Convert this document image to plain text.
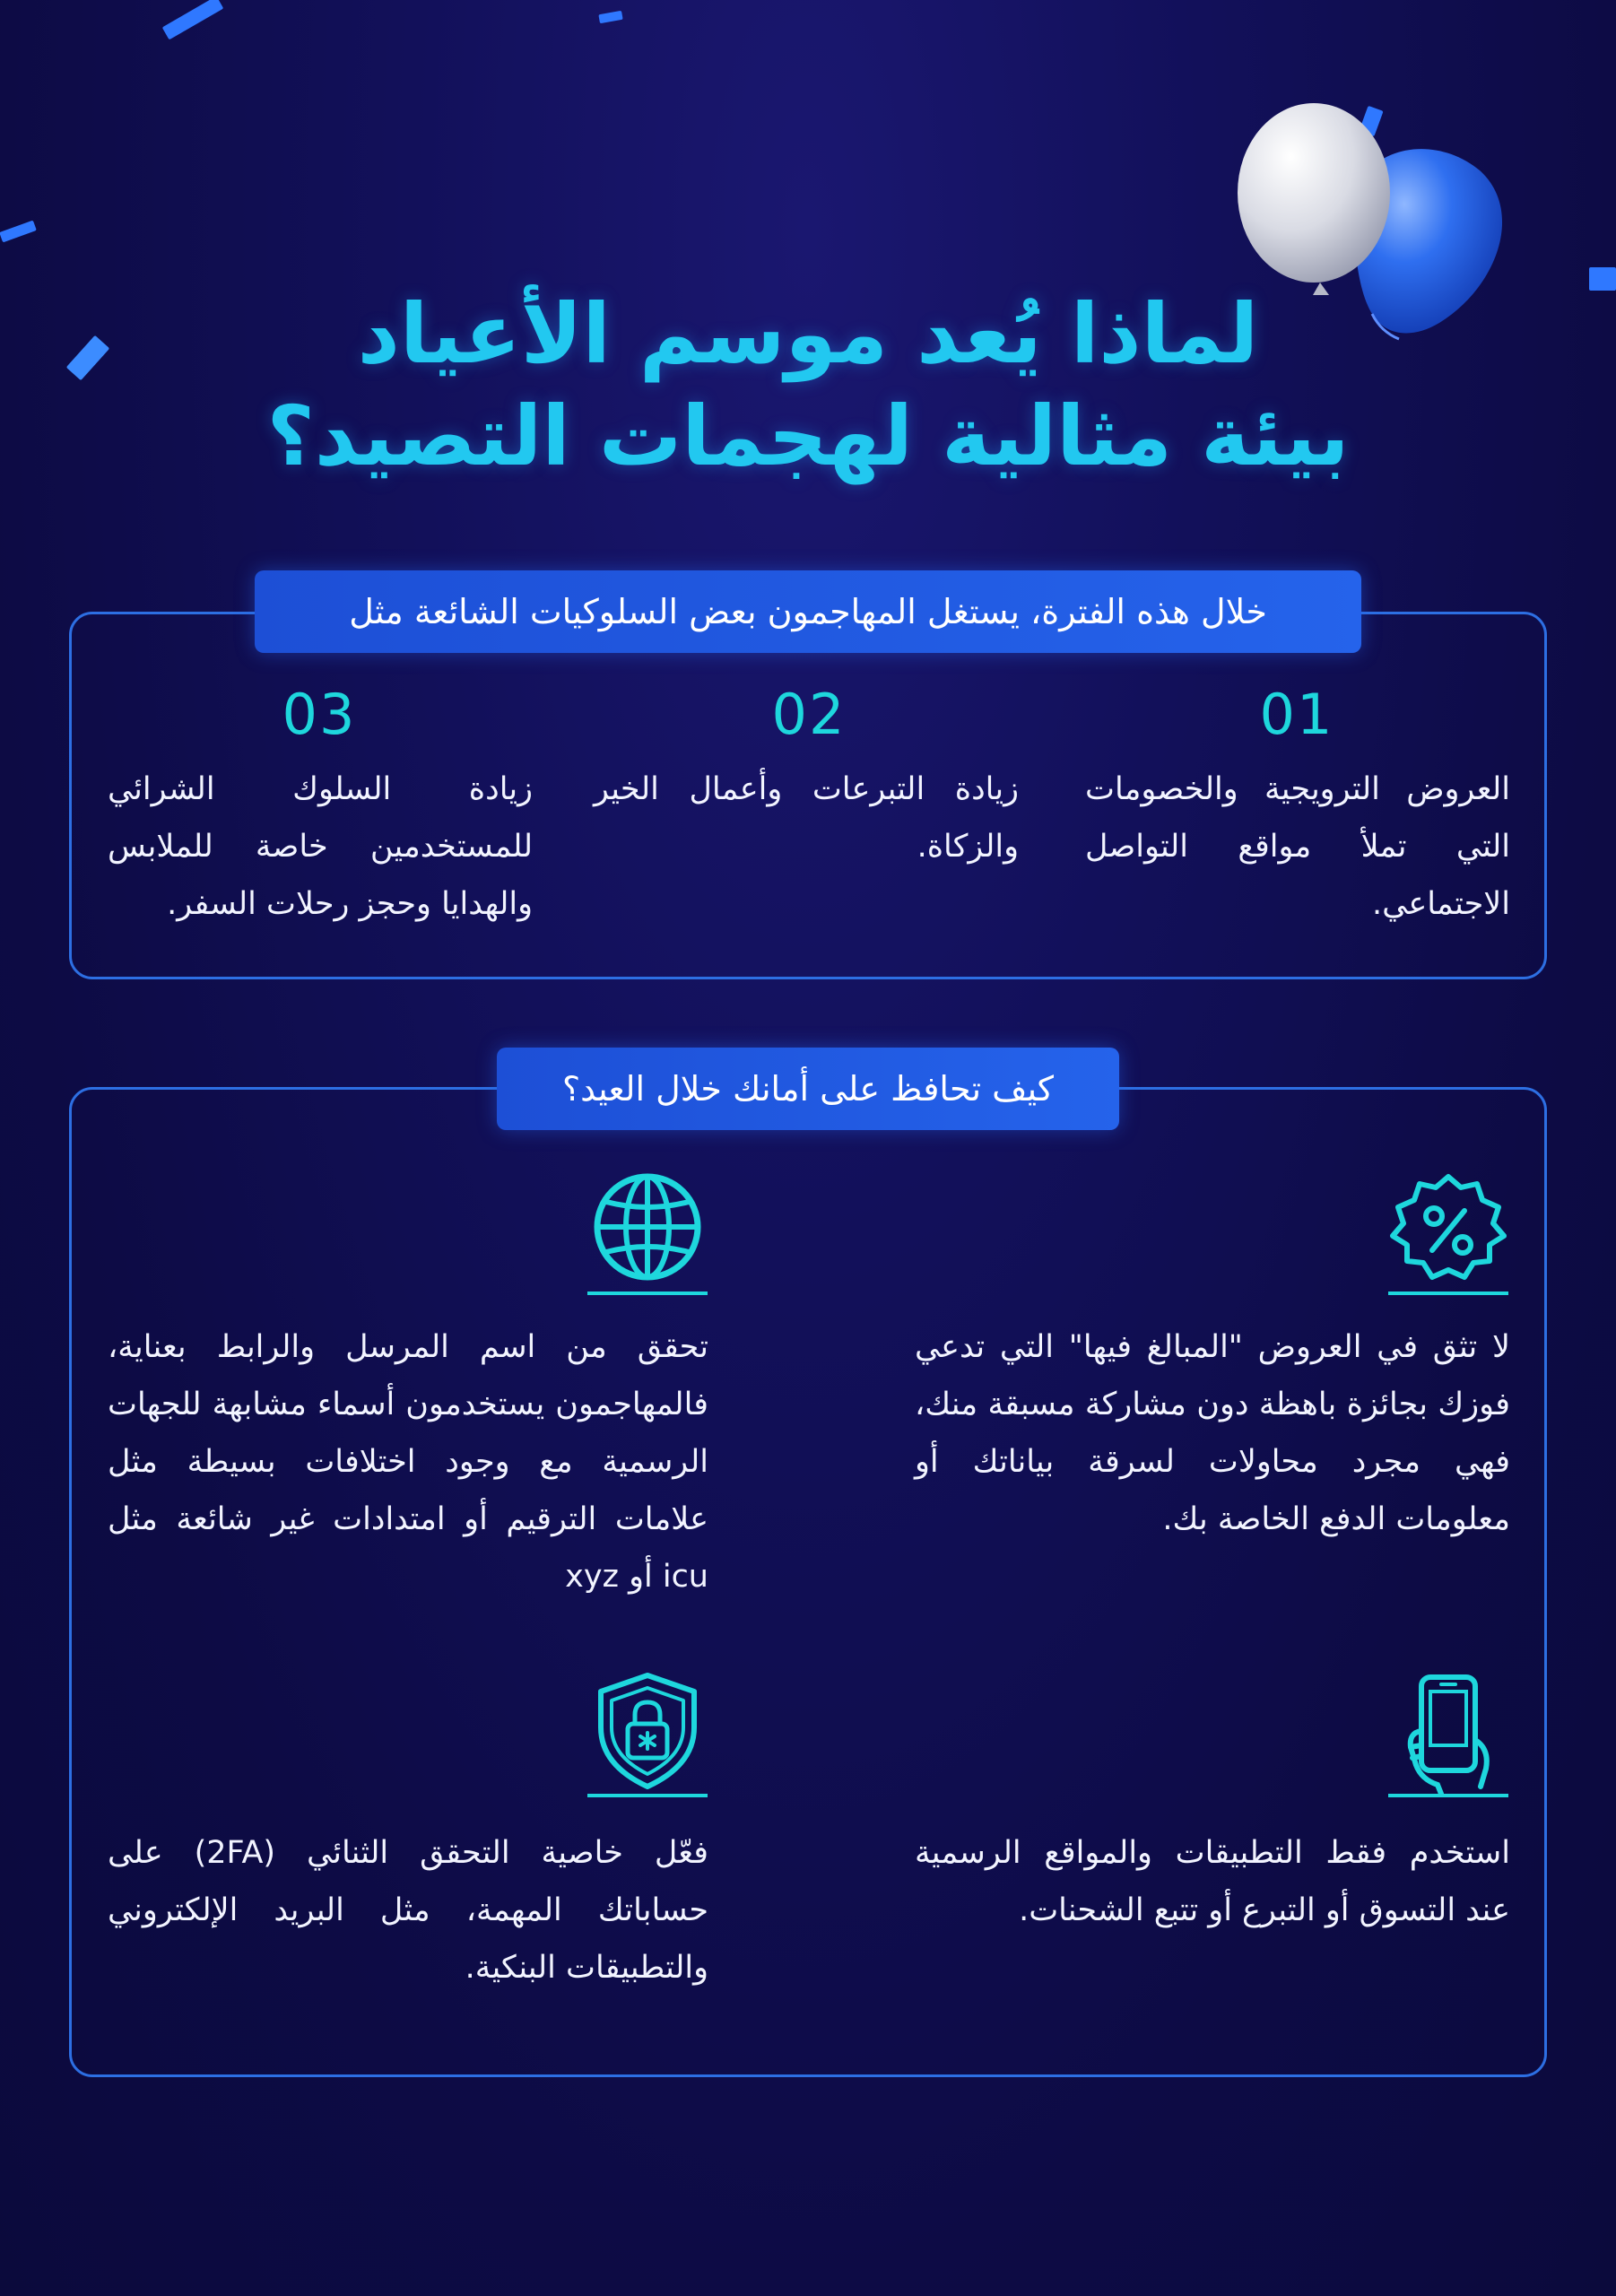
لماذا يُعد موسم الأعياد
بيئة مثالية لهجمات التصيد؟
خلال هذه الفترة، يستغل المهاجمون بعض السلوكيات الشائعة مثل
01
02
03
العروض الترويجية والخصومات التي تملأ مواقع التواصل الاجتماعي.
زيادة التبرعات وأعمال الخير والزكاة.
زيادة السلوك الشرائي للمستخدمين خاصة للملابس والهدايا وحجز رحلات السفر.
كيف تحافظ على أمانك خلال العيد؟
لا تثق في العروض "المبالغ فيها" التي تدعي فوزك بجائزة باهظة دون مشاركة مسبقة منك، فهي مجرد محاولات لسرقة بياناتك أو معلومات الدفع الخاصة بك.
تحقق من اسم المرسل والرابط بعناية، فالمهاجمون يستخدمون أسماء مشابهة للجهات الرسمية مع وجود اختلافات بسيطة مثل علامات الترقيم أو امتدادات غير شائعة مثل icu أو xyz
استخدم فقط التطبيقات والمواقع الرسمية عند التسوق أو التبرع أو تتبع الشحنات.
فعّل خاصية التحقق الثنائي (2FA) على حساباتك المهمة، مثل البريد الإلكتروني والتطبيقات البنكية.
